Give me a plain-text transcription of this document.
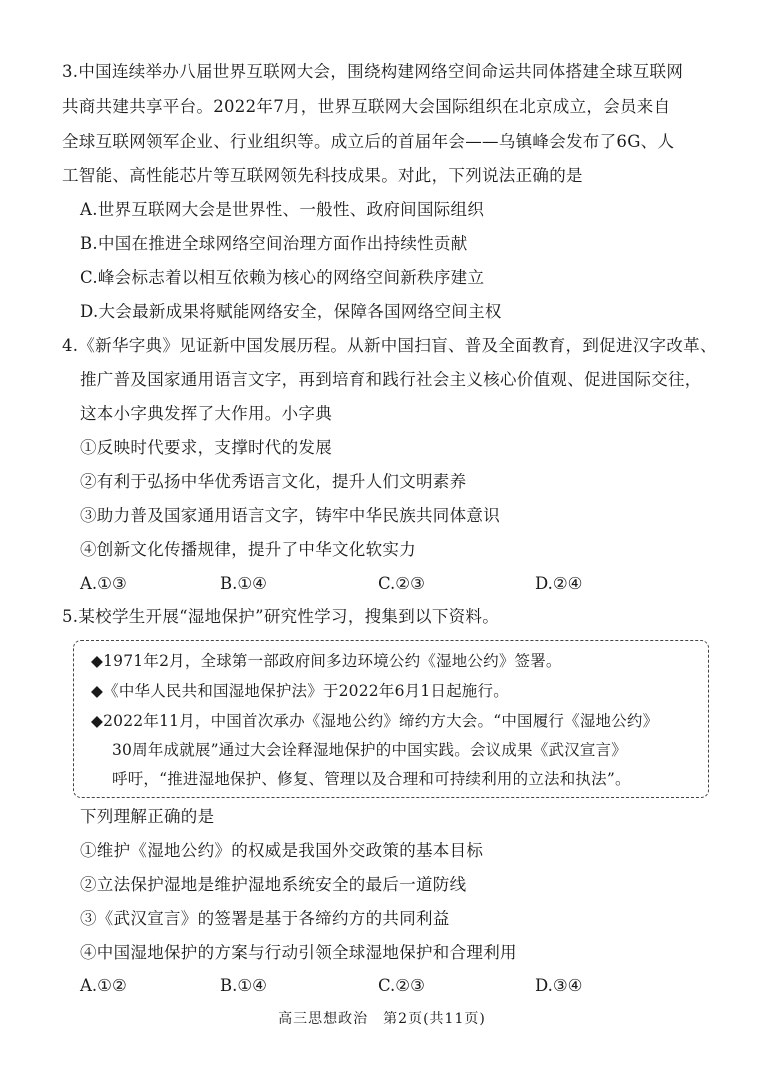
3.中国连续举办八届世界互联网大会，围绕构建网络空间命运共同体搭建全球互联网
共商共建共享平台。2022年7月，世界互联网大会国际组织在北京成立，会员来自
全球互联网领军企业、行业组织等。成立后的首届年会——乌镇峰会发布了6G、人
工智能、高性能芯片等互联网领先科技成果。对此，下列说法正确的是
A.世界互联网大会是世界性、一般性、政府间国际组织
B.中国在推进全球网络空间治理方面作出持续性贡献
C.峰会标志着以相互依赖为核心的网络空间新秩序建立
D.大会最新成果将赋能网络安全，保障各国网络空间主权
4.《新华字典》见证新中国发展历程。从新中国扫盲、普及全面教育，到促进汉字改革、
推广普及国家通用语言文字，再到培育和践行社会主义核心价值观、促进国际交往，
这本小字典发挥了大作用。小字典
①反映时代要求，支撑时代的发展
②有利于弘扬中华优秀语言文化，提升人们文明素养
③助力普及国家通用语言文字，铸牢中华民族共同体意识
④创新文化传播规律，提升了中华文化软实力
A.①③	B.①④	C.②③	D.②④
5.某校学生开展“湿地保护”研究性学习，搜集到以下资料。
◆1971年2月，全球第一部政府间多边环境公约《湿地公约》签署。
◆《中华人民共和国湿地保护法》于2022年6月1日起施行。
◆2022年11月，中国首次承办《湿地公约》缔约方大会。“中国履行《湿地公约》
30周年成就展”通过大会诠释湿地保护的中国实践。会议成果《武汉宣言》
呼吁，“推进湿地保护、修复、管理以及合理和可持续利用的立法和执法”。
下列理解正确的是
①维护《湿地公约》的权威是我国外交政策的基本目标
②立法保护湿地是维护湿地系统安全的最后一道防线
③《武汉宣言》的签署是基于各缔约方的共同利益
④中国湿地保护的方案与行动引领全球湿地保护和合理利用
A.①②	B.①④	C.②③	D.③④
高三思想政治　第2页(共11页)
